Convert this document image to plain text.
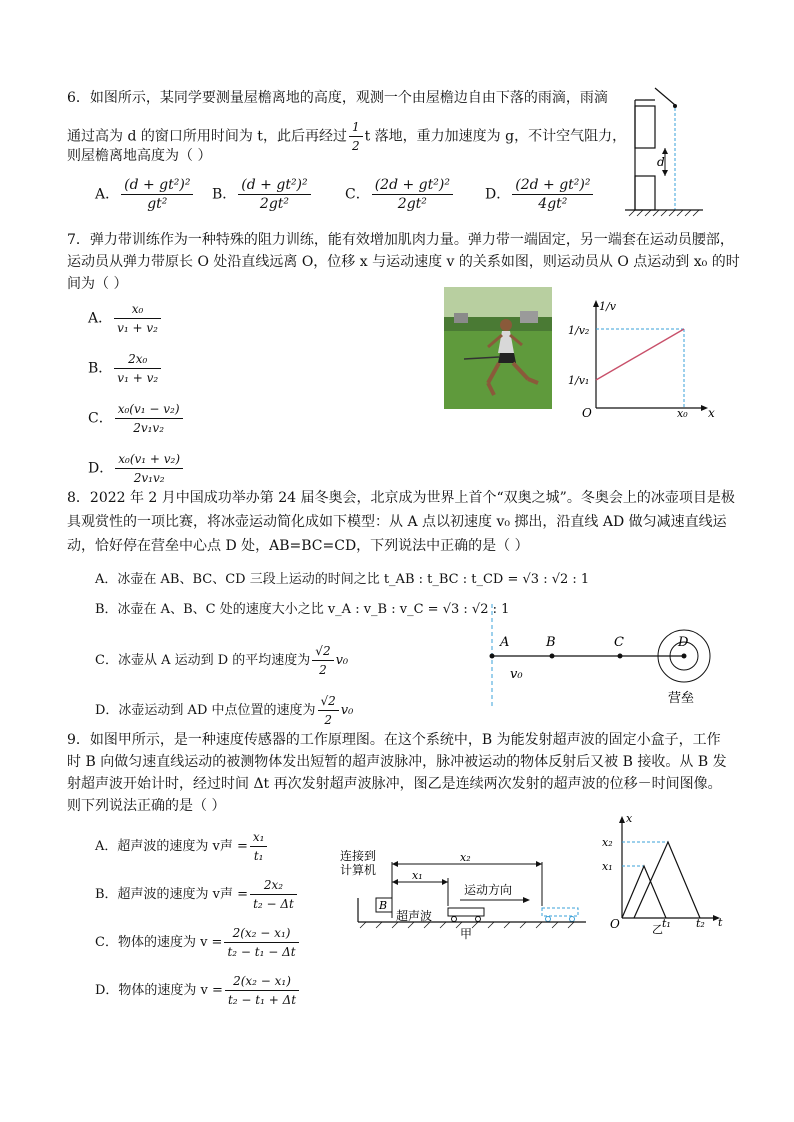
6．如图所示，某同学要测量屋檐离地的高度，观测一个由屋檐边自由下落的雨滴，雨滴
通过高为 d 的窗口所用时间为 t，此后再经过 $\frac{1}{2}$ t 落地，重力加速度为 g，不计空气阻力，
则屋檐离地高度为（ ）
A． $\frac{\text{(d + gt²)²}}{\text{gt²}}$ B． $\frac{\text{(d + gt²)²}}{\text{2gt²}}$ C． $\frac{\text{(2d + gt²)²}}{\text{2gt²}}$ D． $\frac{\text{(2d + gt²)²}}{\text{4gt²}}$
d
7．弹力带训练作为一种特殊的阻力训练，能有效增加肌肉力量。弹力带一端固定，另一端套在运动员腰部，
运动员从弹力带原长 O 处沿直线远离 O，位移 x 与运动速度 v 的关系如图，则运动员从 O 点运动到 x₀ 的时
间为（ ）
A． $\frac{\text{x₀}}{\text{v₁ + v₂}}$
B． $\frac{\text{2x₀}}{\text{v₁ + v₂}}$
C． $\frac{\text{x₀(v₁ − v₂)}}{\text{2v₁v₂}}$
D． $\frac{\text{x₀(v₁ + v₂)}}{\text{2v₁v₂}}$
1/v
1/v₂
1/v₁
O	x₀ x
8．2022 年 2 月中国成功举办第 24 届冬奥会，北京成为世界上首个“双奥之城”。冬奥会上的冰壶项目是极
具观赏性的一项比赛，将冰壶运动简化成如下模型：从 A 点以初速度 v₀ 掷出，沿直线 AD 做匀减速直线运
动，恰好停在营垒中心点 D 处，AB=BC=CD，下列说法中正确的是（ ）
A．冰壶在 AB、BC、CD 三段上运动的时间之比 t_AB : t_BC : t_CD = √3 : √2 : 1
B．冰壶在 A、B、C 处的速度大小之比 v_A : v_B : v_C = √3 : √2 : 1
C．冰壶从 A 运动到 D 的平均速度为 $\frac{√2}{2} v_0$
D．冰壶运动到 AD 中点位置的速度为 $\frac{√2}{2} v_0$
A	B	C	D
v₀
营垒
9．如图甲所示，是一种速度传感器的工作原理图。在这个系统中，B 为能发射超声波的固定小盒子，工作
时 B 向做匀速直线运动的被测物体发出短暂的超声波脉冲，脉冲被运动的物体反射后又被 B 接收。从 B 发
射超声波开始计时，经过时间 Δt 再次发射超声波脉冲，图乙是连续两次发射的超声波的位移－时间图像。
则下列说法正确的是（ ）
A．超声波的速度为 v声 = $\frac{\text{x₁}}{\text{t₁}}$
B．超声波的速度为 v声 = $\frac{\text{2x₂}}{\text{t₂ − Δt}}$
C．物体的速度为 $v = \frac{\text{2(x₂ − x₁)}}{\text{t₂ − t₁ − Δt}}$
D．物体的速度为 $v = \frac{\text{2(x₂ − x₁)}}{\text{t₂ − t₁ + Δt}}$
连接到
计算机
x₂
x₁
运动方向
B
超声波
甲
x
x₂
x₁
O	t₁ t₂ t
乙
